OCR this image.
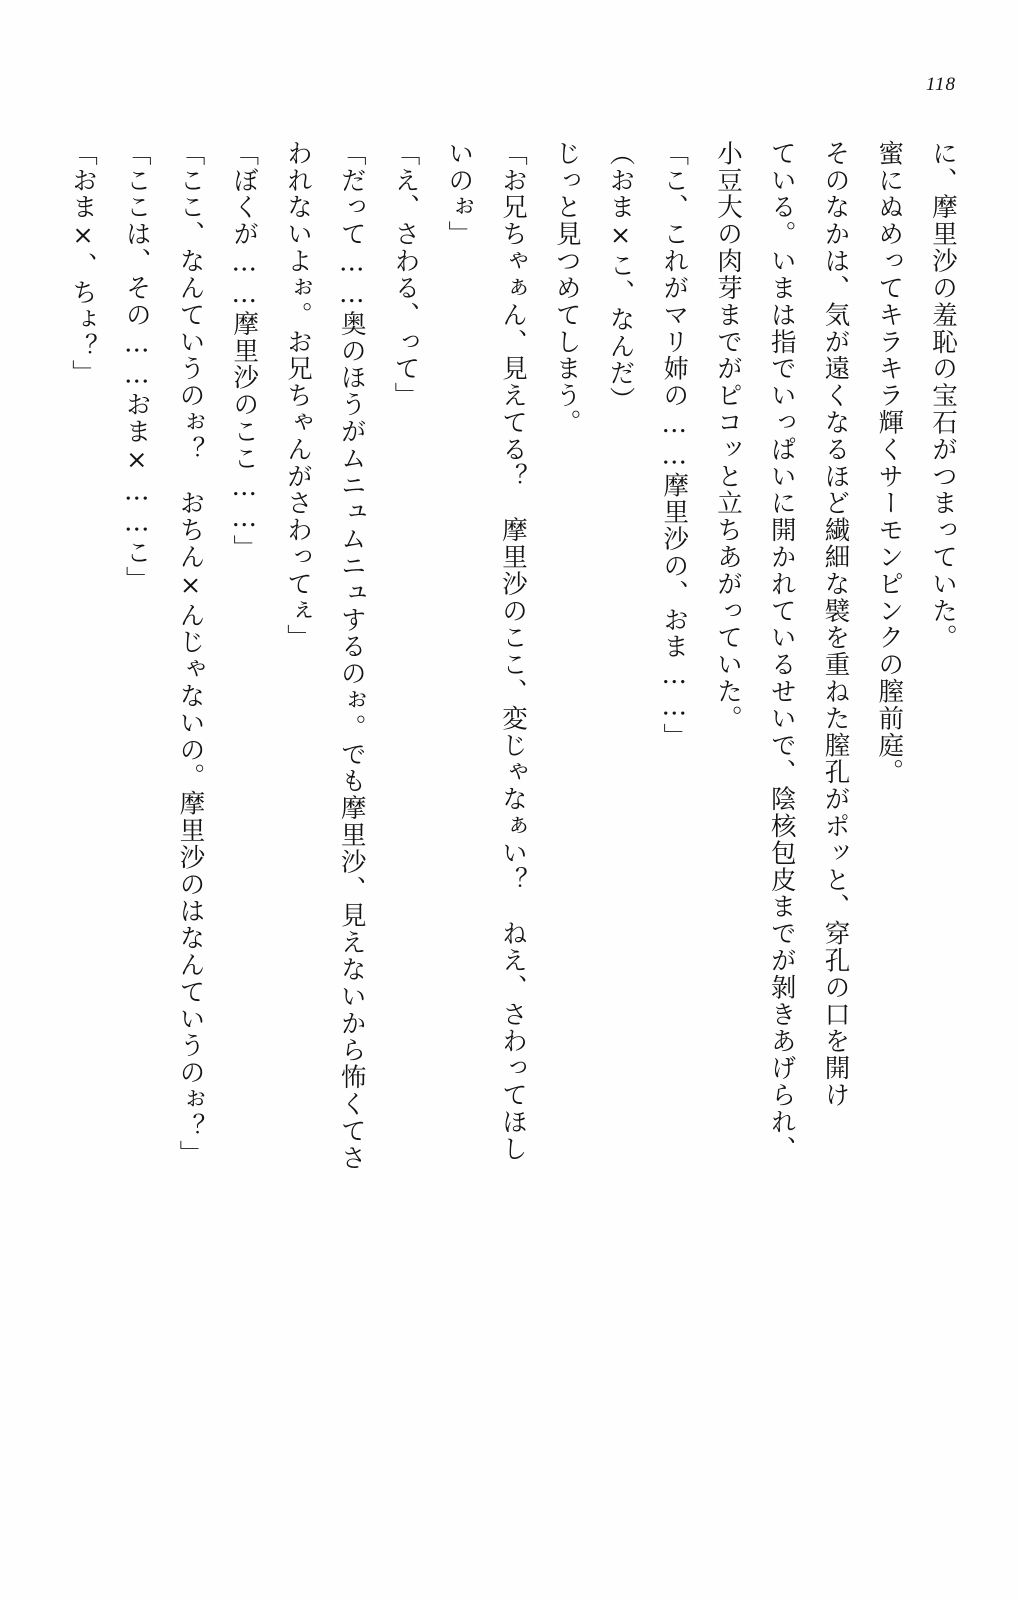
118
に、摩里沙の羞恥の宝石がつまっていた。
蜜にぬめってキラキラ輝くサーモンピンクの膣前庭。
そのなかは、気が遠くなるほど繊細な襞を重ねた膣孔がポッと、穿孔の口を開け
ている。いまは指でいっぱいに開かれているせいで、陰核包皮までが剝きあげられ、
小豆大の肉芽までがピコッと立ちあがっていた。
「こ、これがマリ姉の……摩里沙の、おま……」
（おま×こ、なんだ）
じっと見つめてしまう。
「お兄ちゃぁん、見えてる？　摩里沙のここ、変じゃなぁい？　ねえ、さわってほし
いのぉ」
「え、さわる、って」
「だって……奥のほうがムニュムニュするのぉ。でも摩里沙、見えないから怖くてさ
われないよぉ。お兄ちゃんがさわってぇ」
「ぼくが……摩里沙のここ……」
「ここ、なんていうのぉ？　おちん×んじゃないの。摩里沙のはなんていうのぉ？」
「ここは、その……おま×……こ」
「おま×、ちょ？」
